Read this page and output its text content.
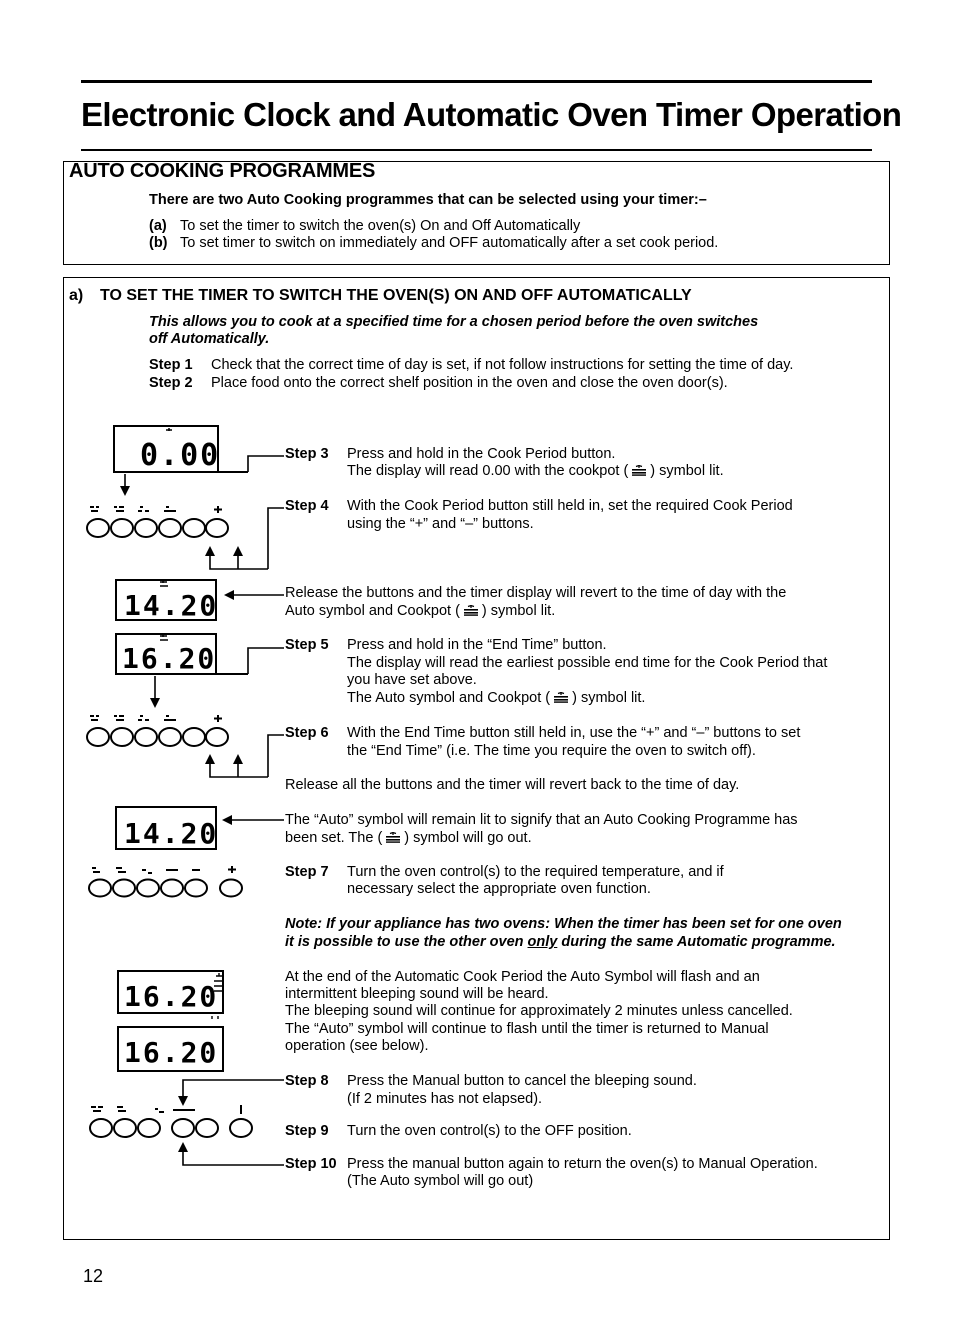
Electronic Clock and Automatic Oven Timer Operation
AUTO COOKING PROGRAMMES
There are two Auto Cooking programmes that can be selected using your timer:–
(a) To set the timer to switch the oven(s) On and Off Automatically
(b) To set timer to switch on immediately and OFF automatically after a set cook period.
a) TO SET THE TIMER TO SWITCH THE OVEN(S) ON AND OFF AUTOMATICALLY
This allows you to cook at a specified time for a chosen period before the oven switches
off Automatically.
Step 1 Check that the correct time of day is set, if not follow instructions for setting the time of day.
Step 2 Place food onto the correct shelf position in the oven and close the oven door(s).
Step 3 Press and hold in the Cook Period button.
The display will read 0.00 with the cookpot ( ) symbol lit.
Step 4 With the Cook Period button still held in, set the required Cook Period
using the “+” and “–” buttons.
Release the buttons and the timer display will revert to the time of day with the
Auto symbol and Cookpot ( ) symbol lit.
Step 5 Press and hold in the “End Time” button.
The display will read the earliest possible end time for the Cook Period that
you have set above.
The Auto symbol and Cookpot ( ) symbol lit.
Step 6 With the End Time button still held in, use the “+” and “–” buttons to set
the “End Time” (i.e. The time you require the oven to switch off).
Release all the buttons and the timer will revert back to the time of day.
The “Auto” symbol will remain lit to signify that an Auto Cooking Programme has
been set. The ( ) symbol will go out.
Step 7 Turn the oven control(s) to the required temperature, and if
necessary select the appropriate oven function.
Note: If your appliance has two ovens: When the timer has been set for one oven
it is possible to use the other oven only during the same Automatic programme.
At the end of the Automatic Cook Period the Auto Symbol will flash and an
intermittent bleeping sound will be heard.
The bleeping sound will continue for approximately 2 minutes unless cancelled.
The “Auto” symbol will continue to flash until the timer is returned to Manual
operation (see below).
Step 8 Press the Manual button to cancel the bleeping sound.
(If 2 minutes has not elapsed).
Step 9 Turn the oven control(s) to the OFF position.
Step 10 Press the manual button again to return the oven(s) to Manual Operation.
(The Auto symbol will go out)
0.00
14.20
16.20
14.20
16.20
16.20
12
